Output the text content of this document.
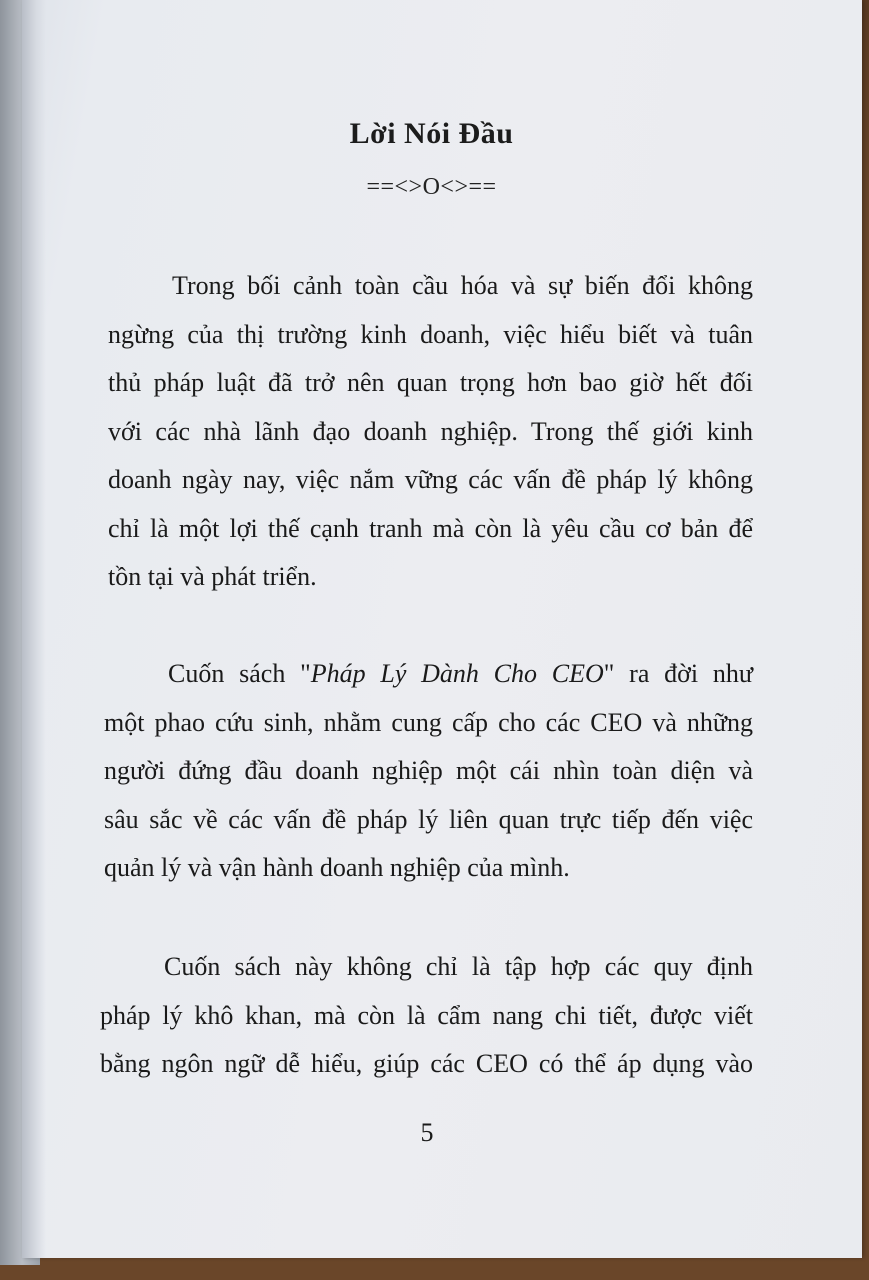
Lời Nói Đầu
==<>O<>==
Trong bối cảnh toàn cầu hóa và sự biến đổi không
ngừng của thị trường kinh doanh, việc hiểu biết và tuân
thủ pháp luật đã trở nên quan trọng hơn bao giờ hết đối
với các nhà lãnh đạo doanh nghiệp. Trong thế giới kinh
doanh ngày nay, việc nắm vững các vấn đề pháp lý không
chỉ là một lợi thế cạnh tranh mà còn là yêu cầu cơ bản để
tồn tại và phát triển.
Cuốn sách "Pháp Lý Dành Cho CEO" ra đời như
một phao cứu sinh, nhằm cung cấp cho các CEO và những
người đứng đầu doanh nghiệp một cái nhìn toàn diện và
sâu sắc về các vấn đề pháp lý liên quan trực tiếp đến việc
quản lý và vận hành doanh nghiệp của mình.
Cuốn sách này không chỉ là tập hợp các quy định
pháp lý khô khan, mà còn là cẩm nang chi tiết, được viết
bằng ngôn ngữ dễ hiểu, giúp các CEO có thể áp dụng vào
5
